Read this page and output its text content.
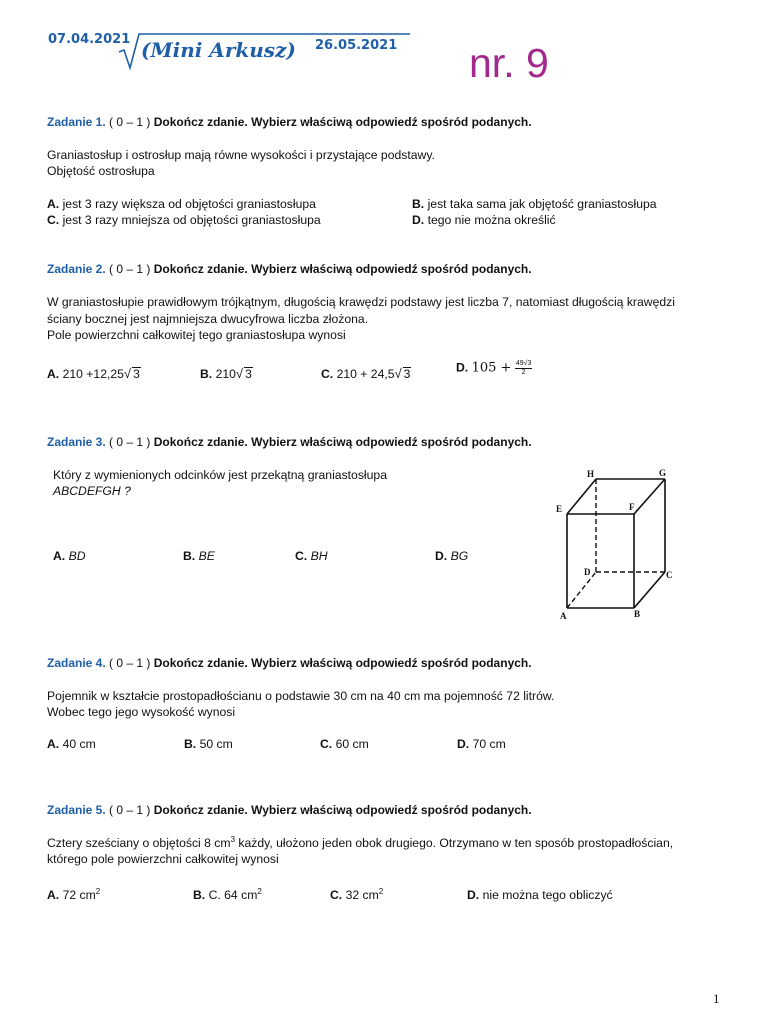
07.04.2021 (Mini Arkusz) 26.05.2021 nr. 9
Zadanie 1. ( 0 – 1 ) Dokończ zdanie. Wybierz właściwą odpowiedź spośród podanych.
Graniastosłup i ostrosłup mają równe wysokości i przystające podstawy.
Objętość ostrosłupa
A. jest 3 razy większa od objętości graniastosłupa	B. jest taka sama jak objętość graniastosłupa
C. jest 3 razy mniejsza od objętości graniastosłupa	D. tego nie można określić
Zadanie 2. ( 0 – 1 ) Dokończ zdanie. Wybierz właściwą odpowiedź spośród podanych.
W graniastosłupie prawidłowym trójkątnym, długością krawędzi podstawy jest liczba 7, natomiast długością krawędzi
ściany bocznej jest najmniejsza dwucyfrowa liczba złożona.
Pole powierzchni całkowitej tego graniastosłupa wynosi
A. 210 +12,25√ 3	B. 210√ 3	C. 210 + 24,5√ 3	D. $105 + \frac{49√3}{2}$
Zadanie 3. ( 0 – 1 ) Dokończ zdanie. Wybierz właściwą odpowiedź spośród podanych.
Który z wymienionych odcinków jest przekątną graniastosłupa
ABCDEFGH ?
A. BD	B. BE	C. BH	D. BG
H	G
E	F
D	C
A	B
Zadanie 4. ( 0 – 1 ) Dokończ zdanie. Wybierz właściwą odpowiedź spośród podanych.
Pojemnik w kształcie prostopadłościanu o podstawie 30 cm na 40 cm ma pojemność 72 litrów.
Wobec tego jego wysokość wynosi
A. 40 cm	B. 50 cm	C. 60 cm	D. 70 cm
Zadanie 5. ( 0 – 1 ) Dokończ zdanie. Wybierz właściwą odpowiedź spośród podanych.
Cztery sześciany o objętości 8 $cm^3$ każdy, ułożono jeden obok drugiego. Otrzymano w ten sposób prostopadłościan,
którego pole powierzchni całkowitej wynosi
A. 72 $cm^2$	B. C. 64 $cm^2$	C. 32 $cm^2$	D. nie można tego obliczyć
1
